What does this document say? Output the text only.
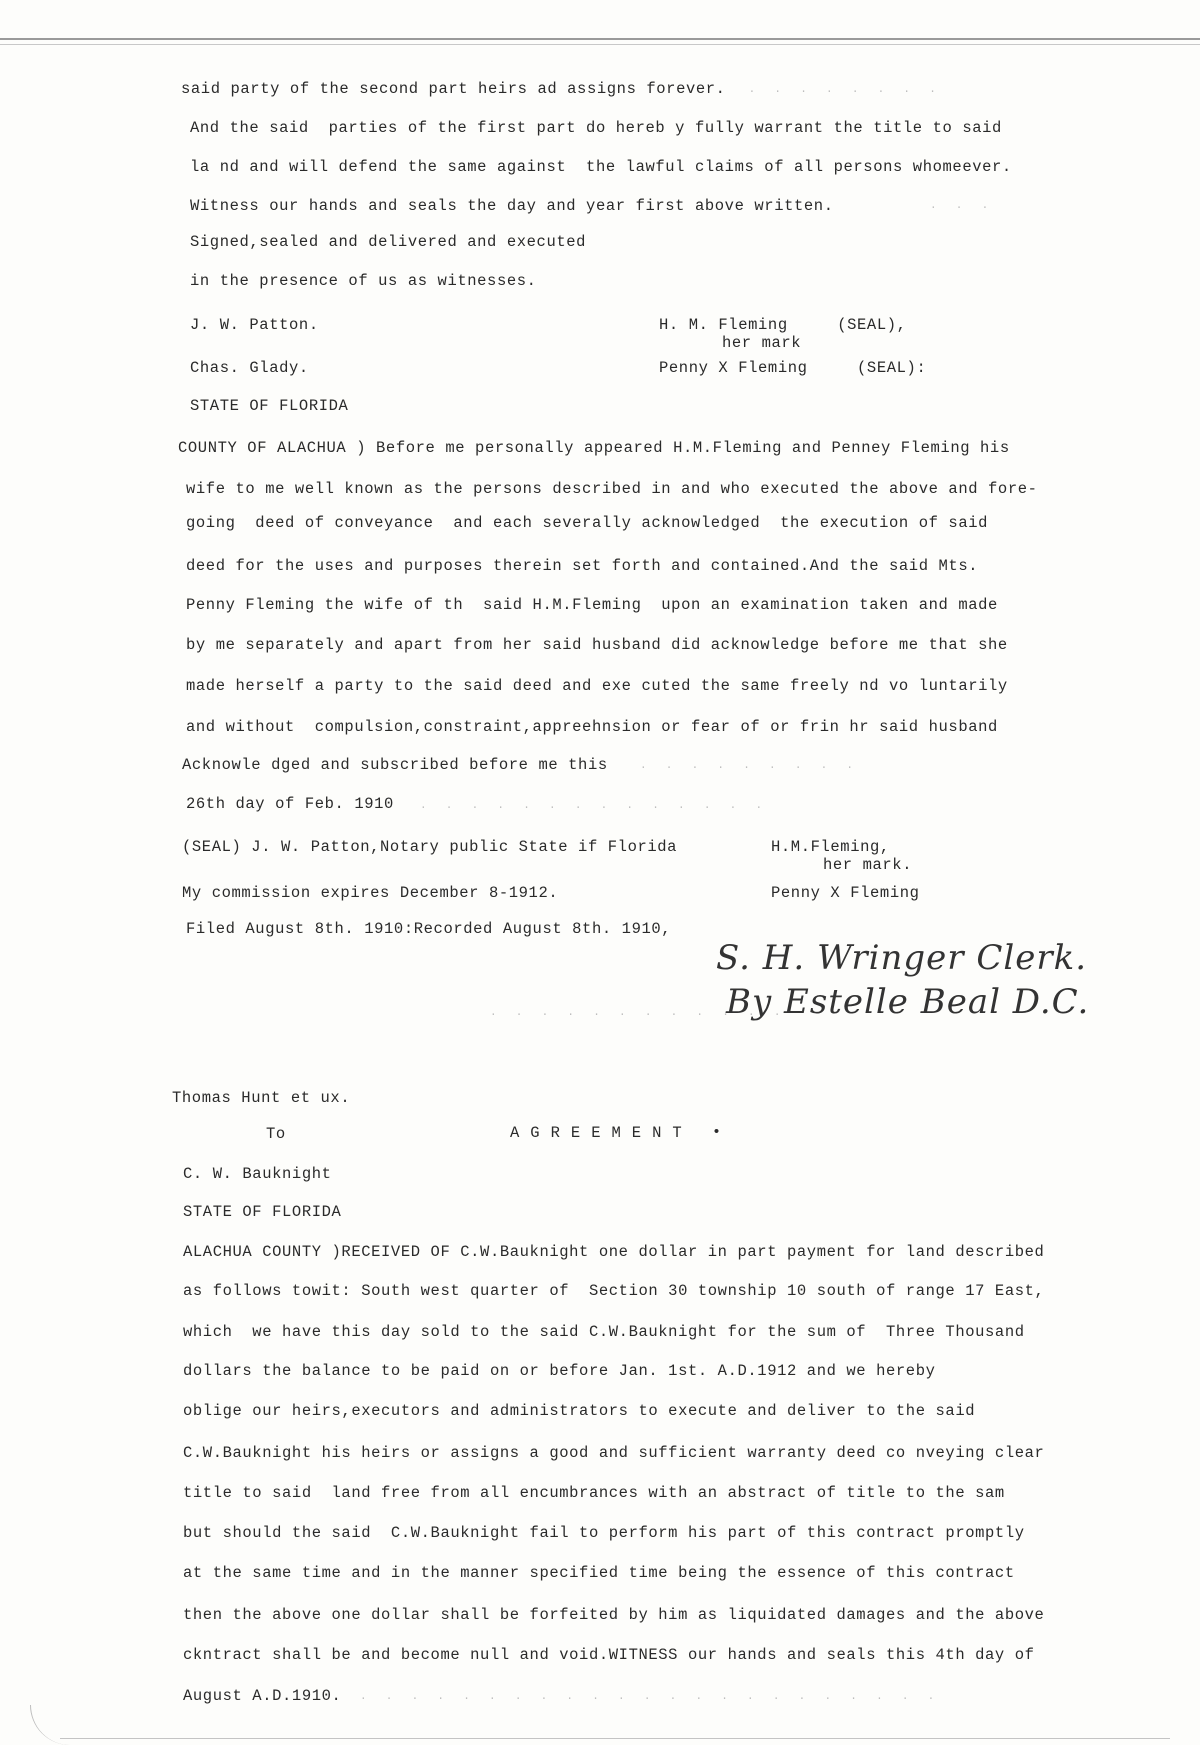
said party of the second part heirs ad assigns forever.
And the said  parties of the first part do hereb y fully warrant the title to said
la nd and will defend the same against  the lawful claims of all persons whomeever.
Witness our hands and seals the day and year first above written.
Signed,sealed and delivered and executed
in the presence of us as witnesses.
.  .  .  .  .  .  .  .
.  .  .
J. W. Patton.	H. M. Fleming     (SEAL),
her mark
Chas. Glady.	Penny X Fleming     (SEAL):
STATE OF FLORIDA
COUNTY OF ALACHUA ) Before me personally appeared H.M.Fleming and Penney Fleming his
wife to me well known as the persons described in and who executed the above and fore-
going  deed of conveyance  and each severally acknowledged  the execution of said
deed for the uses and purposes therein set forth and contained.And the said Mts.
Penny Fleming the wife of th  said H.M.Fleming  upon an examination taken and made
by me separately and apart from her said husband did acknowledge before me that she
made herself a party to the said deed and exe cuted the same freely nd vo luntarily
and without  compulsion,constraint,appreehnsion or fear of or frin hr said husband
Acknowle dged and subscribed before me this
26th day of Feb. 1910
.  .  .  .  .  .  .  .  .
.  .  .  .  .  .  .  .  .  .  .  .  .  .
(SEAL) J. W. Patton,Notary public State if Florida	H.M.Fleming,
her mark.
My commission expires December 8-1912.	Penny X Fleming
Filed August 8th. 1910:Recorded August 8th. 1910,
S. H. Wringer Clerk.
By Estelle Beal D.C.
.  .  .  .  .  .  .  .  .  .  .  .
Thomas Hunt et ux.
To	AGREEMENT •
C. W. Bauknight
STATE OF FLORIDA
ALACHUA COUNTY )RECEIVED OF C.W.Bauknight one dollar in part payment for land described
as follows towit: South west quarter of  Section 30 township 10 south of range 17 East,
which  we have this day sold to the said C.W.Bauknight for the sum of  Three Thousand
dollars the balance to be paid on or before Jan. 1st. A.D.1912 and we hereby
oblige our heirs,executors and administrators to execute and deliver to the said
C.W.Bauknight his heirs or assigns a good and sufficient warranty deed co nveying clear
title to said  land free from all encumbrances with an abstract of title to the sam
but should the said  C.W.Bauknight fail to perform his part of this contract promptly
at the same time and in the manner specified time being the essence of this contract
then the above one dollar shall be forfeited by him as liquidated damages and the above
ckntract shall be and become null and void.WITNESS our hands and seals this 4th day of
August A.D.1910. .  .  .  .  .  .  .  .  .  .  .  .  .  .  .  .  .  .  .  .  .  .  .
